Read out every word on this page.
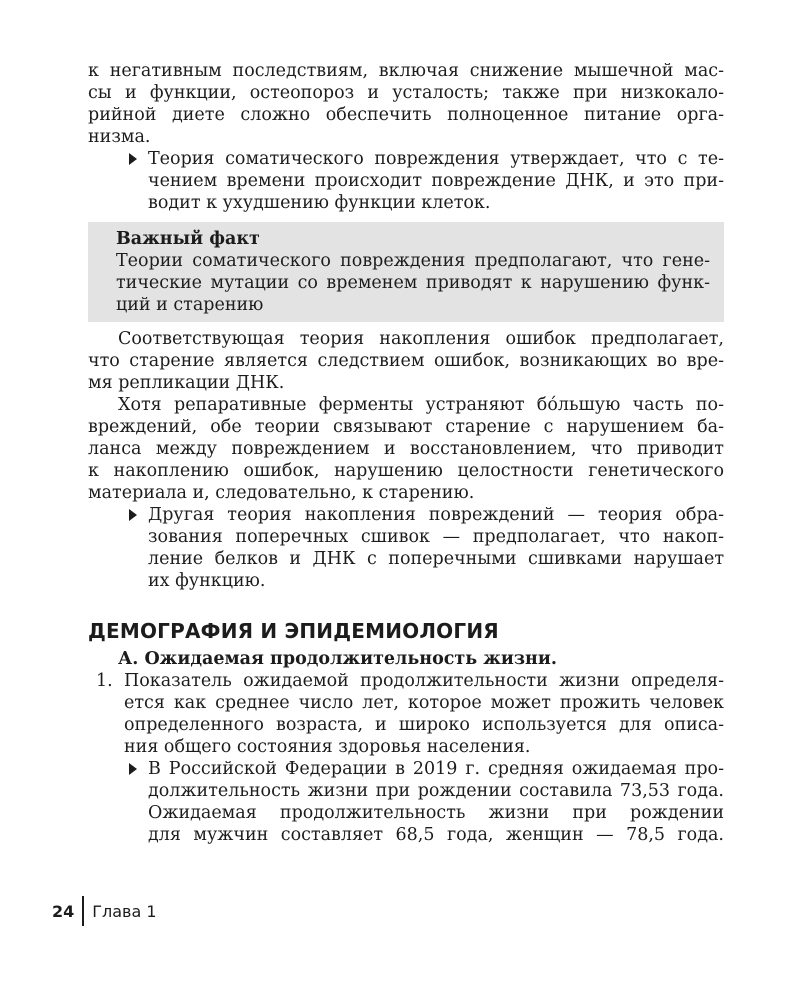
к негативным последствиям, включая снижение мышечной мас-
сы и функции, остеопороз и усталость; также при низкокало-
рийной диете сложно обеспечить полноценное питание орга-
низма.
Теория соматического повреждения утверждает, что с те-
чением времени происходит повреждение ДНК, и это при-
водит к ухудшению функции клеток.
Важный факт
Теории соматического повреждения предполагают, что генe-
тические мутации со временем приводят к нарушению функ-
ций и старению
Соответствующая теория накопления ошибок предполагает,
что старение является следствием ошибок, возникающих во вре-
мя репликации ДНК.
Хотя репаративные ферменты устраняют бо́льшую часть по-
вреждений, обе теории связывают старение с нарушением ба-
ланса между повреждением и восстановлением, что приводит
к накоплению ошибок, нарушению целостности генетического
материала и, следовательно, к старению.
Другая теория накопления повреждений — теория обра-
зования поперечных сшивок — предполагает, что накоп-
ление белков и ДНК с поперечными сшивками нарушает
их функцию.
ДЕМОГРАФИЯ И ЭПИДЕМИОЛОГИЯ
А. Ожидаемая продолжительность жизни.
1. Показатель ожидаемой продолжительности жизни определя-
ется как среднее число лет, которое может прожить человек
определенного возраста, и широко используется для описа-
ния общего состояния здоровья населения.
В Российской Федерации в 2019 г. средняя ожидаемая про-
должительность жизни при рождении составила 73,53 года.
Ожидаемая продолжительность жизни при рождении
для мужчин составляет 68,5 года, женщин — 78,5 года.
24 Глава 1
